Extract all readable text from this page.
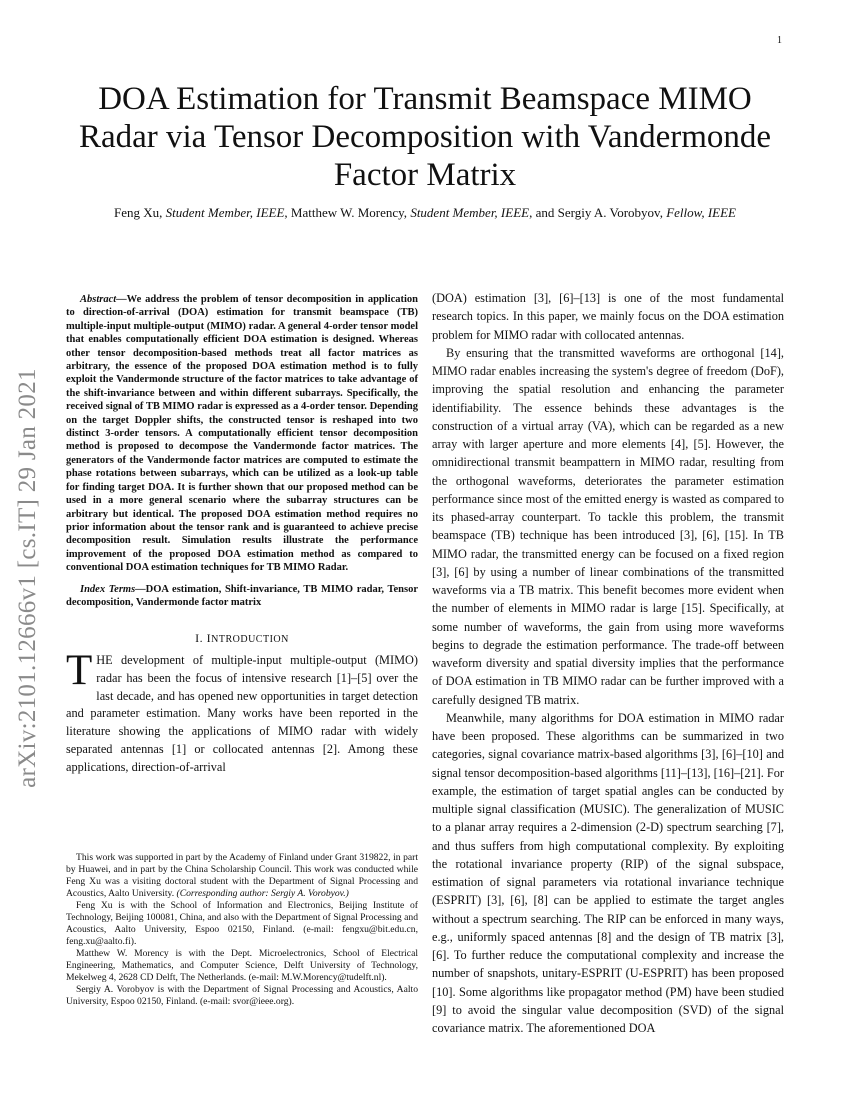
1
arXiv:2101.12666v1 [cs.IT] 29 Jan 2021
DOA Estimation for Transmit Beamspace MIMO Radar via Tensor Decomposition with Vandermonde Factor Matrix
Feng Xu, Student Member, IEEE, Matthew W. Morency, Student Member, IEEE, and Sergiy A. Vorobyov, Fellow, IEEE

Abstract—We address the problem of tensor decomposition in application to direction-of-arrival (DOA) estimation for transmit beamspace (TB) multiple-input multiple-output (MIMO) radar. A general 4-order tensor model that enables computationally efficient DOA estimation is designed. Whereas other tensor decomposition-based methods treat all factor matrices as arbitrary, the essence of the proposed DOA estimation method is to fully exploit the Vandermonde structure of the factor matrices to take advantage of the shift-invariance between and within different subarrays. Specifically, the received signal of TB MIMO radar is expressed as a 4-order tensor. Depending on the target Doppler shifts, the constructed tensor is reshaped into two distinct 3-order tensors. A computationally efficient tensor decomposition method is proposed to decompose the Vandermonde factor matrices. The generators of the Vandermonde factor matrices are computed to estimate the phase rotations between subarrays, which can be utilized as a look-up table for finding target DOA. It is further shown that our proposed method can be used in a more general scenario where the subarray structures can be arbitrary but identical. The proposed DOA estimation method requires no prior information about the tensor rank and is guaranteed to achieve precise decomposition result. Simulation results illustrate the performance improvement of the proposed DOA estimation method as compared to conventional DOA estimation techniques for TB MIMO Radar.

Index Terms—DOA estimation, Shift-invariance, TB MIMO radar, Tensor decomposition, Vandermonde factor matrix

I. INTRODUCTION

THE development of multiple-input multiple-output (MIMO) radar has been the focus of intensive research [1]–[5] over the last decade, and has opened new opportunities in target detection and parameter estimation. Many works have been reported in the literature showing the applications of MIMO radar with widely separated antennas [1] or collocated antennas [2]. Among these applications, direction-of-arrival

This work was supported in part by the Academy of Finland under Grant 319822, in part by Huawei, and in part by the China Scholarship Council. This work was conducted while Feng Xu was a visiting doctoral student with the Department of Signal Processing and Acoustics, Aalto University. (Corresponding author: Sergiy A. Vorobyov.)

Feng Xu is with the School of Information and Electronics, Beijing Institute of Technology, Beijing 100081, China, and also with the Department of Signal Processing and Acoustics, Aalto University, Espoo 02150, Finland. (e-mail: fengxu@bit.edu.cn, feng.xu@aalto.fi).

Matthew W. Morency is with the Dept. Microelectronics, School of Electrical Engineering, Mathematics, and Computer Science, Delft University of Technology, Mekelweg 4, 2628 CD Delft, The Netherlands. (e-mail: M.W.Morency@tudelft.nl).

Sergiy A. Vorobyov is with the Department of Signal Processing and Acoustics, Aalto University, Espoo 02150, Finland. (e-mail: svor@ieee.org).

(DOA) estimation [3], [6]–[13] is one of the most fundamental research topics. In this paper, we mainly focus on the DOA estimation problem for MIMO radar with collocated antennas.

By ensuring that the transmitted waveforms are orthogonal [14], MIMO radar enables increasing the system's degree of freedom (DoF), improving the spatial resolution and enhancing the parameter identifiability. The essence behinds these advantages is the construction of a virtual array (VA), which can be regarded as a new array with larger aperture and more elements [4], [5]. However, the omnidirectional transmit beampattern in MIMO radar, resulting from the orthogonal waveforms, deteriorates the parameter estimation performance since most of the emitted energy is wasted as compared to its phased-array counterpart. To tackle this problem, the transmit beamspace (TB) technique has been introduced [3], [6], [15]. In TB MIMO radar, the transmitted energy can be focused on a fixed region [3], [6] by using a number of linear combinations of the transmitted waveforms via a TB matrix. This benefit becomes more evident when the number of elements in MIMO radar is large [15]. Specifically, at some number of waveforms, the gain from using more waveforms begins to degrade the estimation performance. The trade-off between waveform diversity and spatial diversity implies that the performance of DOA estimation in TB MIMO radar can be further improved with a carefully designed TB matrix.

Meanwhile, many algorithms for DOA estimation in MIMO radar have been proposed. These algorithms can be summarized in two categories, signal covariance matrix-based algorithms [3], [6]–[10] and signal tensor decomposition-based algorithms [11]–[13], [16]–[21]. For example, the estimation of target spatial angles can be conducted by multiple signal classification (MUSIC). The generalization of MUSIC to a planar array requires a 2-dimension (2-D) spectrum searching [7], and thus suffers from high computational complexity. By exploiting the rotational invariance property (RIP) of the signal subspace, estimation of signal parameters via rotational invariance technique (ESPRIT) [3], [6], [8] can be applied to estimate the target angles without a spectrum searching. The RIP can be enforced in many ways, e.g., uniformly spaced antennas [8] and the design of TB matrix [3], [6]. To further reduce the computational complexity and increase the number of snapshots, unitary-ESPRIT (U-ESPRIT) has been proposed [10]. Some algorithms like propagator method (PM) have been studied [9] to avoid the singular value decomposition (SVD) of the signal covariance matrix. The aforementioned DOA
